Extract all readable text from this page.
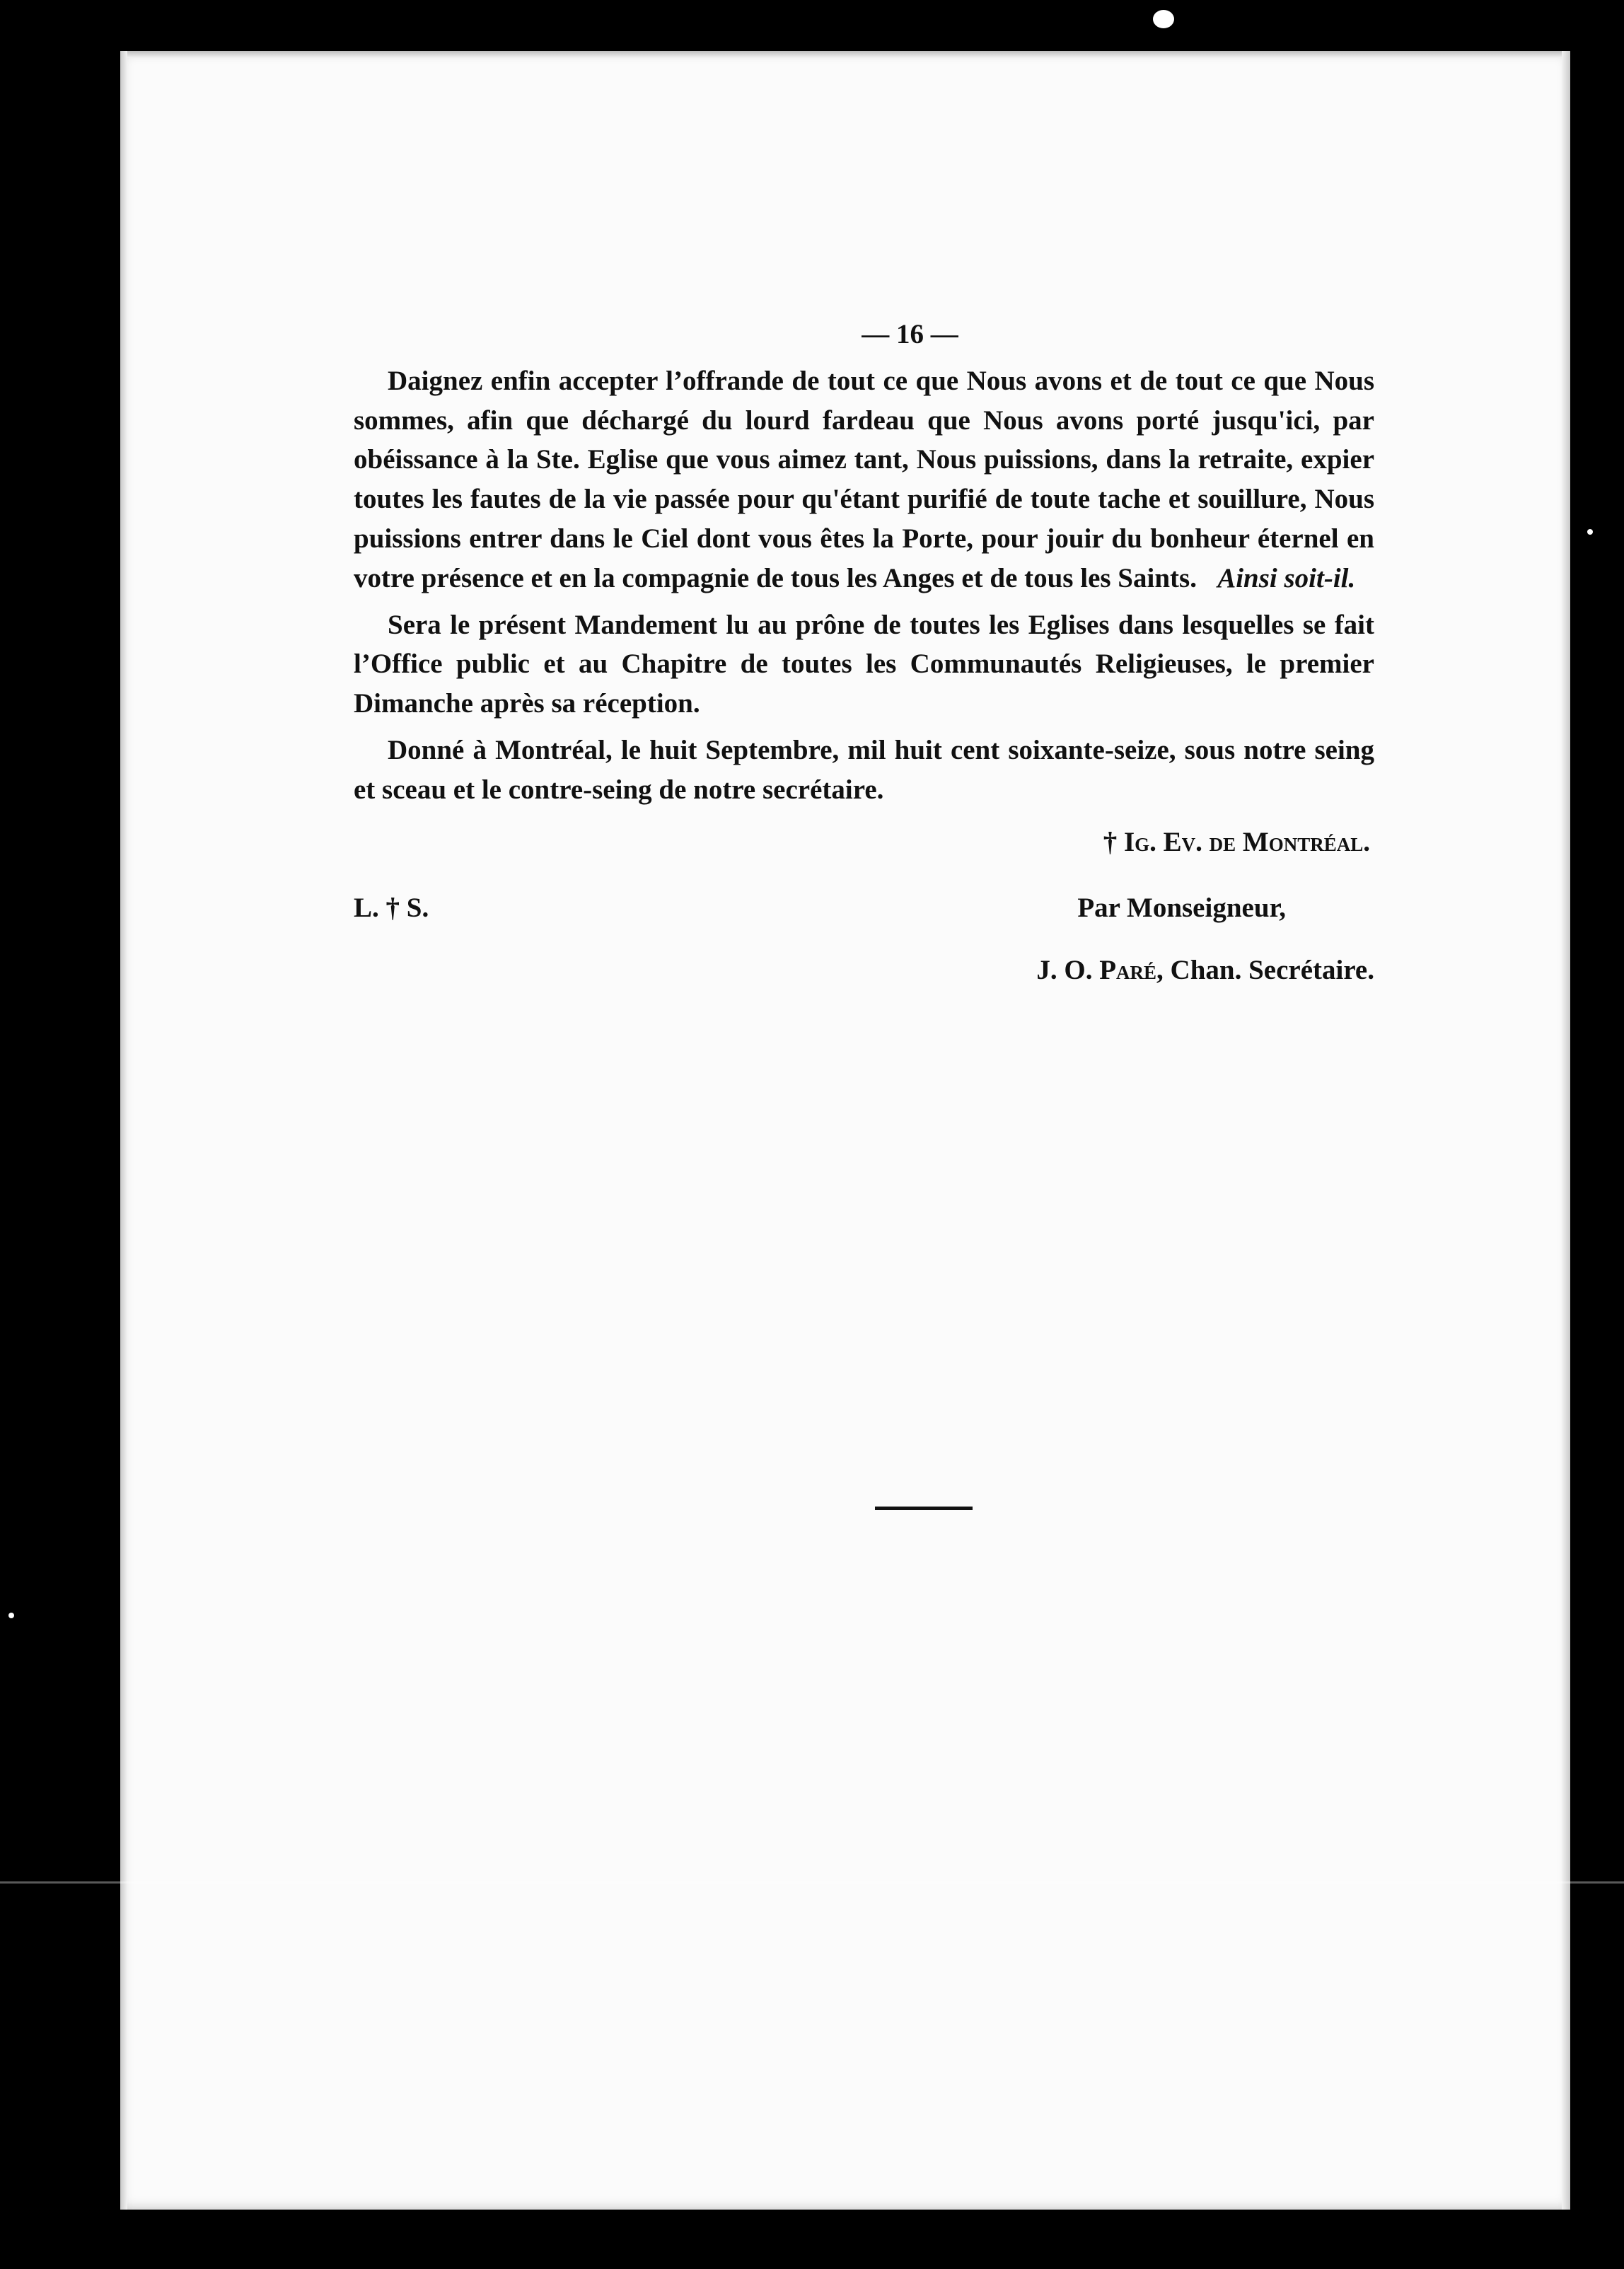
— 16 —

Daignez enfin accepter l’offrande de tout ce que Nous avons et de tout ce que Nous sommes, afin que déchargé du lourd fardeau que Nous avons porté jusqu'ici, par obéissance à la Ste. Eglise que vous aimez tant, Nous puissions, dans la retraite, expier toutes les fautes de la vie passée pour qu'étant purifié de toute tache et souillure, Nous puissions entrer dans le Ciel dont vous êtes la Porte, pour jouir du bonheur éternel en votre présence et en la compagnie de tous les Anges et de tous les Saints. Ainsi soit-il.

Sera le présent Mandement lu au prône de toutes les Eglises dans lesquelles se fait l’Office public et au Chapitre de toutes les Communautés Religieuses, le premier Dimanche après sa réception.

Donné à Montréal, le huit Septembre, mil huit cent soixante-seize, sous notre seing et sceau et le contre-seing de notre secrétaire.

† Ig. Ev. de Montréal.
L. † S.	Par Monseigneur,
J. O. Paré, Chan. Secrétaire.
